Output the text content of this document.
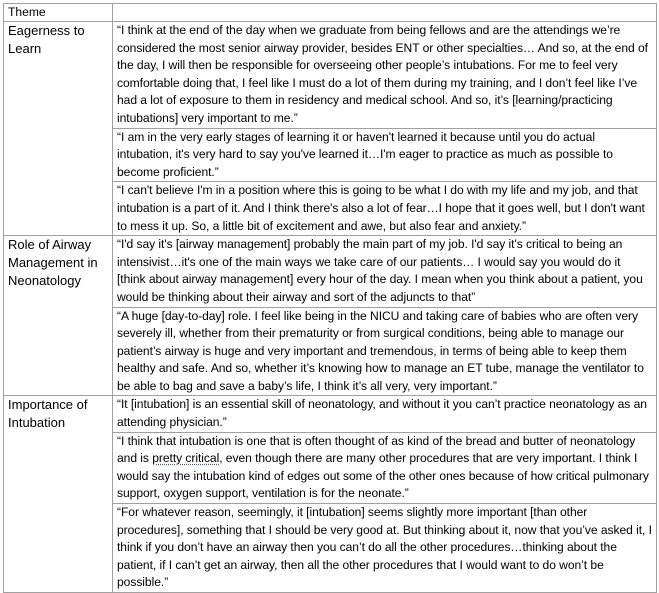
Theme	
Eagerness to Learn	“I think at the end of the day when we graduate from being fellows and are the attendings we’re considered the most senior airway provider, besides ENT or other specialties… And so, at the end of the day, I will then be responsible for overseeing other people’s intubations. For me to feel very comfortable doing that, I feel like I must do a lot of them during my training, and I don’t feel like I’ve had a lot of exposure to them in residency and medical school. And so, it’s [learning/practicing intubations] very important to me.”
	“I am in the very early stages of learning it or haven't learned it because until you do actual intubation, it's very hard to say you've learned it…I'm eager to practice as much as possible to become proficient.”
	“I can't believe I'm in a position where this is going to be what I do with my life and my job, and that intubation is a part of it. And I think there's also a lot of fear…I hope that it goes well, but I don't want to mess it up. So, a little bit of excitement and awe, but also fear and anxiety.”
Role of Airway Management in Neonatology	“I'd say it's [airway management] probably the main part of my job. I'd say it's critical to being an intensivist…it's one of the main ways we take care of our patients… I would say you would do it [think about airway management] every hour of the day. I mean when you think about a patient, you would be thinking about their airway and sort of the adjuncts to that”
	“A huge [day-to-day] role. I feel like being in the NICU and taking care of babies who are often very severely ill, whether from their prematurity or from surgical conditions, being able to manage our patient’s airway is huge and very important and tremendous, in terms of being able to keep them healthy and safe. And so, whether it’s knowing how to manage an ET tube, manage the ventilator to be able to bag and save a baby’s life, I think it’s all very, very important.”
Importance of Intubation	“It [intubation] is an essential skill of neonatology, and without it you can’t practice neonatology as an attending physician.”
	“I think that intubation is one that is often thought of as kind of the bread and butter of neonatology and is pretty critical, even though there are many other procedures that are very important. I think I would say the intubation kind of edges out some of the other ones because of how critical pulmonary support, oxygen support, ventilation is for the neonate.”
	“For whatever reason, seemingly, it [intubation] seems slightly more important [than other procedures], something that I should be very good at. But thinking about it, now that you’ve asked it, I think if you don’t have an airway then you can’t do all the other procedures…thinking about the patient, if I can’t get an airway, then all the other procedures that I would want to do won’t be possible.”
